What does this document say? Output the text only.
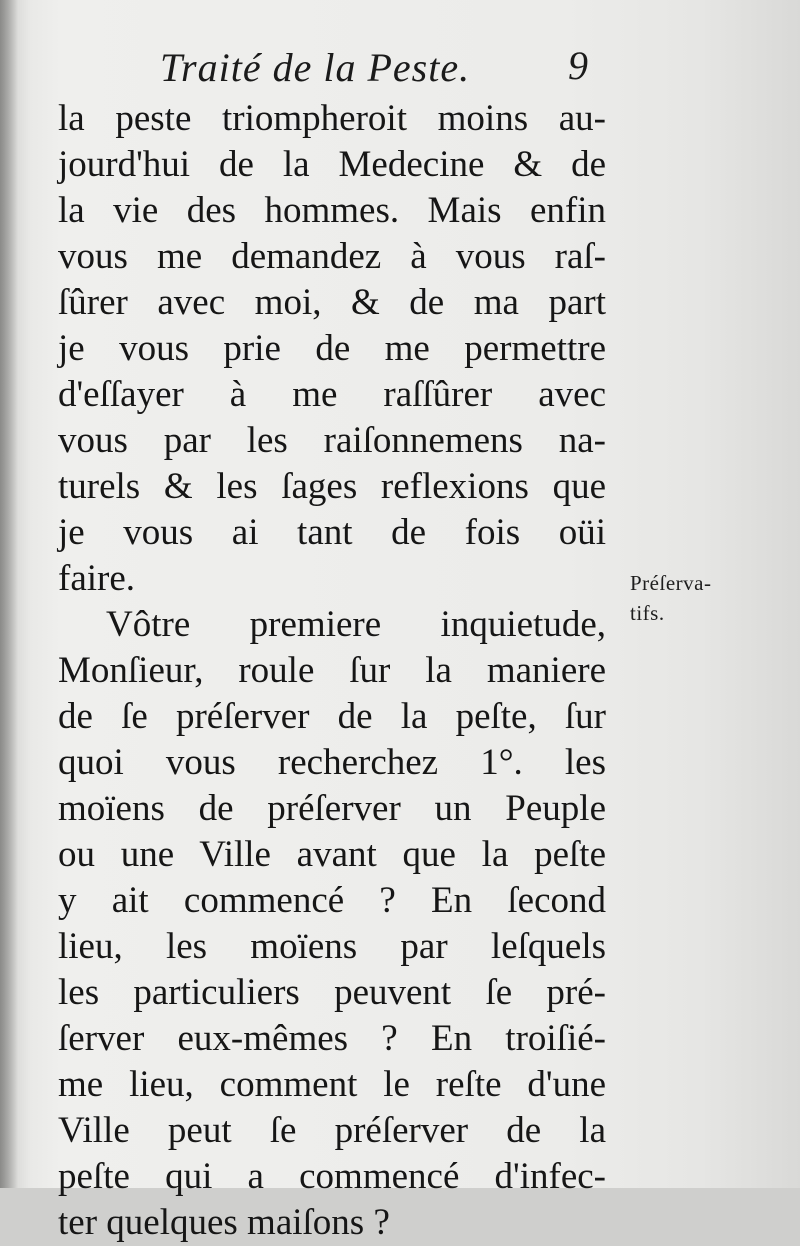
Traité de la Peste.	9
la peste triompheroit moins au-
jourd'hui de la Medecine & de
la vie des hommes. Mais enfin
vous me demandez à vous raſ-
ſûrer avec moi, & de ma part
je vous prie de me permettre
d'eſſayer à me raſſûrer avec
vous par les raiſonnemens na-
turels & les ſages reflexions que
je vous ai tant de fois oüi
faire.
Vôtre premiere inquietude,
Monſieur, roule ſur la maniere
de ſe préſerver de la peſte, ſur
quoi vous recherchez 1°. les
moïens de préſerver un Peuple
ou une Ville avant que la peſte
y ait commencé ? En ſecond
lieu, les moïens par leſquels
les particuliers peuvent ſe pré-
ſerver eux-mêmes ? En troiſié-
me lieu, comment le reſte d'une
Ville peut ſe préſerver de la
peſte qui a commencé d'infec-
ter quelques maiſons ?
Préſerva-
tifs.
